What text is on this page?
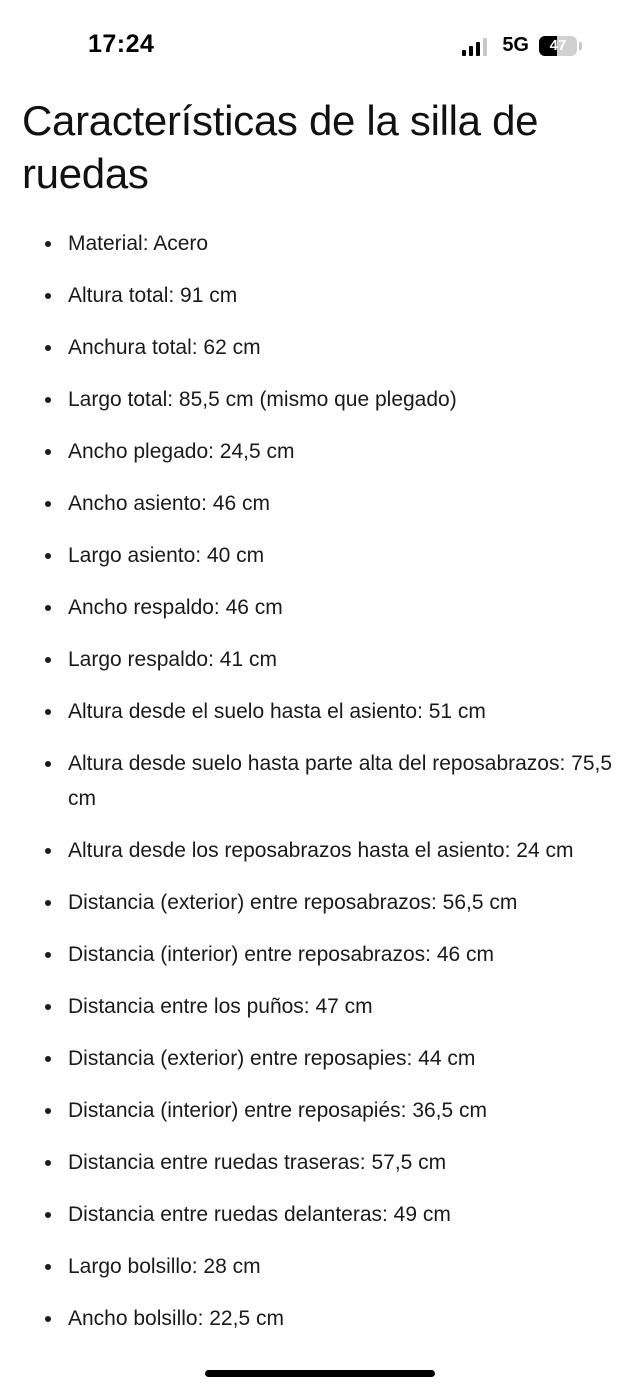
17:24	5G	47
Características de la silla de ruedas
Material: Acero
Altura total: 91 cm
Anchura total: 62 cm
Largo total: 85,5 cm (mismo que plegado)
Ancho plegado: 24,5 cm
Ancho asiento: 46 cm
Largo asiento: 40 cm
Ancho respaldo: 46 cm
Largo respaldo: 41 cm
Altura desde el suelo hasta el asiento: 51 cm
Altura desde suelo hasta parte alta del reposabrazos: 75,5 cm
Altura desde los reposabrazos hasta el asiento: 24 cm
Distancia (exterior) entre reposabrazos: 56,5 cm
Distancia (interior) entre reposabrazos: 46 cm
Distancia entre los puños: 47 cm
Distancia (exterior) entre reposapies: 44 cm
Distancia (interior) entre reposapiés: 36,5 cm
Distancia entre ruedas traseras: 57,5 cm
Distancia entre ruedas delanteras: 49 cm
Largo bolsillo: 28 cm
Ancho bolsillo: 22,5 cm
